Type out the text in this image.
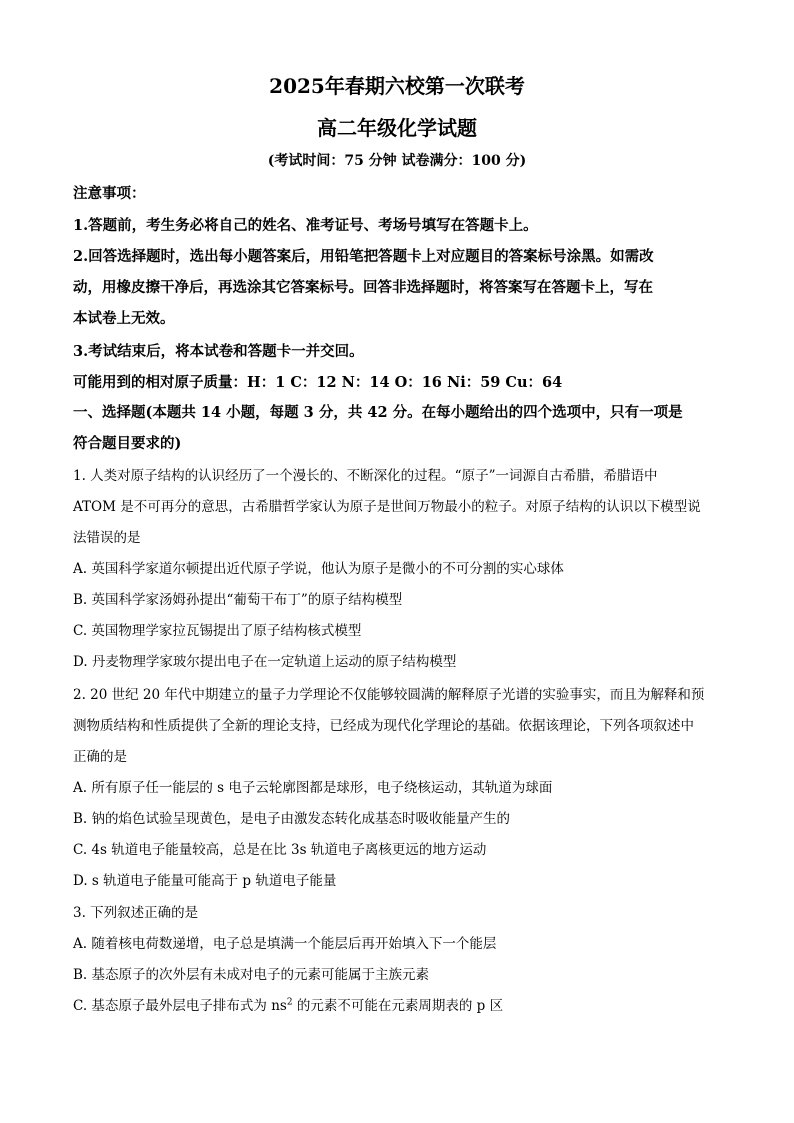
2025年春期六校第一次联考
高二年级化学试题
(考试时间：75 分钟 试卷满分：100 分)
注意事项：
1.答题前，考生务必将自己的姓名、准考证号、考场号填写在答题卡上。
2.回答选择题时，选出每小题答案后，用铅笔把答题卡上对应题目的答案标号涂黑。如需改
动，用橡皮擦干净后，再选涂其它答案标号。回答非选择题时，将答案写在答题卡上，写在
本试卷上无效。
3.考试结束后，将本试卷和答题卡一并交回。
可能用到的相对原子质量：H：1 C：12 N：14 O：16 Ni：59 Cu：64
一、选择题(本题共 14 小题，每题 3 分，共 42 分。在每小题给出的四个选项中，只有一项是
符合题目要求的)
1. 人类对原子结构的认识经历了一个漫长的、不断深化的过程。“原子”一词源自古希腊，希腊语中
ATOM 是不可再分的意思，古希腊哲学家认为原子是世间万物最小的粒子。对原子结构的认识以下模型说
法错误的是
A. 英国科学家道尔顿提出近代原子学说，他认为原子是微小的不可分割的实心球体
B. 英国科学家汤姆孙提出“葡萄干布丁”的原子结构模型
C. 英国物理学家拉瓦锡提出了原子结构核式模型
D. 丹麦物理学家玻尔提出电子在一定轨道上运动的原子结构模型
2. 20 世纪 20 年代中期建立的量子力学理论不仅能够较圆满的解释原子光谱的实验事实，而且为解释和预
测物质结构和性质提供了全新的理论支持，已经成为现代化学理论的基础。依据该理论，下列各项叙述中
正确的是
A. 所有原子任一能层的 s 电子云轮廓图都是球形，电子绕核运动，其轨道为球面
B. 钠的焰色试验呈现黄色，是电子由激发态转化成基态时吸收能量产生的
C. 4s 轨道电子能量较高，总是在比 3s 轨道电子离核更远的地方运动
D. s 轨道电子能量可能高于 p 轨道电子能量
3. 下列叙述正确的是
A. 随着核电荷数递增，电子总是填满一个能层后再开始填入下一个能层
B. 基态原子的次外层有未成对电子的元素可能属于主族元素
C. 基态原子最外层电子排布式为 $ns^2$ 的元素不可能在元素周期表的 p 区
